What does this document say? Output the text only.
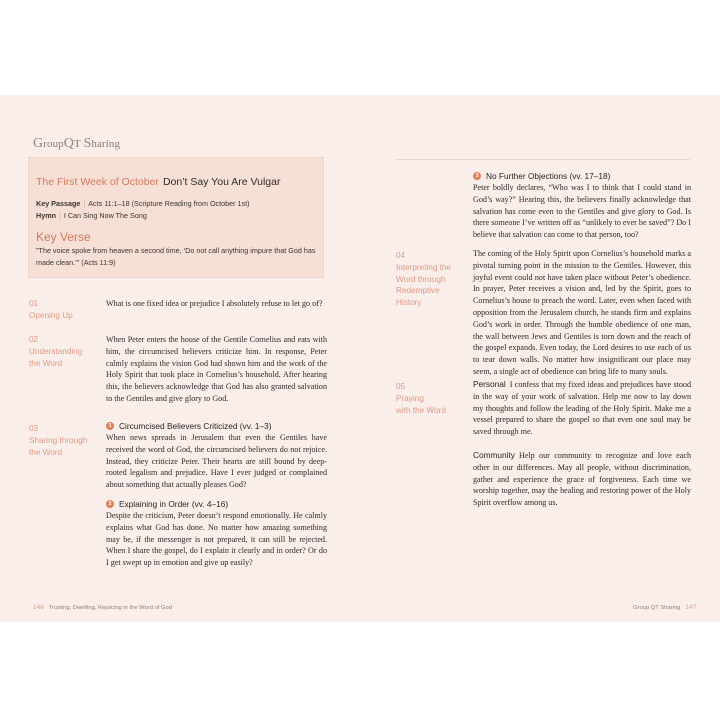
GroupQT Sharing
The First Week of October Don’t Say You Are Vulgar
Key Passage | Acts 11:1–18 (Scripture Reading from October 1st)
Hymn | I Can Sing Now The Song
Key Verse
"The voice spoke from heaven a second time, ‘Do not call anything impure that God has made clean.’" (Acts 11:9)
01
Opening Up
What is one fixed idea or prejudice I absolutely refuse to let go of?
02
Understanding
the Word
When Peter enters the house of the Gentile Cornelius and eats with him, the circumcised believers criticize him. In response, Peter calmly explains the vision God had shown him and the work of the Holy Spirit that took place in Cornelius’s household. After hearing this, the believers acknowledge that God has also granted salvation to the Gentiles and give glory to God.
03
Sharing through
the Word
1 Circumcised Believers Criticized (vv. 1–3)
When news spreads in Jerusalem that even the Gentiles have received the word of God, the circumcised believers do not rejoice. Instead, they criticize Peter. Their hearts are still bound by deep-rooted legalism and prejudice. Have I ever judged or complained about something that actually pleases God?
2 Explaining in Order (vv. 4–16)
Despite the criticism, Peter doesn’t respond emotionally. He calmly explains what God has done. No matter how amazing something may be, if the messenger is not prepared, it can still be rejected. When I share the gospel, do I explain it clearly and in order? Or do I get swept up in emotion and give up easily?
146 Trusting, Dwelling, Rejoicing in the Word of God
3 No Further Objections (vv. 17–18)
Peter boldly declares, “Who was I to think that I could stand in God’s way?” Hearing this, the believers finally acknowledge that salvation has come even to the Gentiles and give glory to God. Is there someone I’ve written off as “unlikely to ever be saved”? Do I believe that salvation can come to that person, too?
04
Interpreting the
Word through
Redemptive
History
The coming of the Holy Spirit upon Cornelius’s household marks a pivotal turning point in the mission to the Gentiles. However, this joyful event could not have taken place without Peter’s obedience. In prayer, Peter receives a vision and, led by the Spirit, goes to Cornelius’s house to preach the word. Later, even when faced with opposition from the Jerusalem church, he stands firm and explains God’s work in order. Through the humble obedience of one man, the wall between Jews and Gentiles is torn down and the reach of the gospel expands. Even today, the Lord desires to use each of us to tear down walls. No matter how insignificant our place may seem, a single act of obedience can bring life to many souls.
05
Praying
with the Word
Personal I confess that my fixed ideas and prejudices have stood in the way of your work of salvation. Help me now to lay down my thoughts and follow the leading of the Holy Spirit. Make me a vessel prepared to share the gospel so that even one soul may be saved through me.
Community Help our community to recognize and love each other in our differences. May all people, without discrimination, gather and experience the grace of forgiveness. Each time we worship together, may the healing and restoring power of the Holy Spirit overflow among us.
Group QT Sharing 147
